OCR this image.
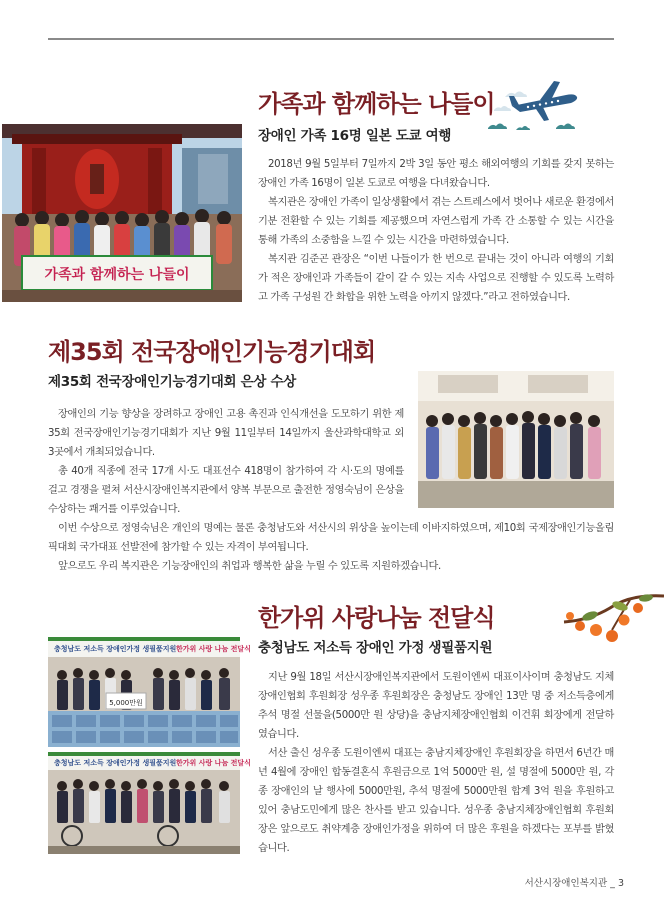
가족과 함께하는 나들이
장애인 가족 16명 일본 도쿄 여행
가족과 함께하는 나들이

2018년 9월 5일부터 7일까지 2박 3일 동안 평소 해외여행의 기회를 갖지 못하는 장애인 가족 16명이 일본 도쿄로 여행을 다녀왔습니다.

복지관은 장애인 가족이 일상생활에서 겪는 스트레스에서 벗어나 새로운 환경에서 기분 전환할 수 있는 기회를 제공했으며 자연스럽게 가족 간 소통할 수 있는 시간을 통해 가족의 소중함을 느낄 수 있는 시간을 마련하였습니다.

복지관 김준곤 관장은 “이번 나들이가 한 번으로 끝내는 것이 아니라 여행의 기회가 적은 장애인과 가족들이 같이 갈 수 있는 지속 사업으로 진행할 수 있도록 노력하고 가족 구성원 간 화합을 위한 노력을 아끼지 않겠다.”라고 전하였습니다.

제35회 전국장애인기능경기대회
제35회 전국장애인기능경기대회 은상 수상

장애인의 기능 향상을 장려하고 장애인 고용 촉진과 인식개선을 도모하기 위한 제35회 전국장애인기능경기대회가 지난 9월 11일부터 14일까지 울산과학대학교 외 3곳에서 개최되었습니다.

총 40개 직종에 전국 17개 시·도 대표선수 418명이 참가하여 각 시·도의 명예를 걸고 경쟁을 펼쳐 서산시장애인복지관에서 양복 부문으로 출전한 정영숙님이 은상을 수상하는 쾌거를 이루었습니다.

이번 수상으로 정영숙님은 개인의 명예는 물론 충청남도와 서산시의 위상을 높이는데 이바지하였으며, 제10회 국제장애인기능올림픽대회 국가대표 선발전에 참가할 수 있는 자격이 부여됩니다.

앞으로도 우리 복지관은 기능장애인의 취업과 행복한 삶을 누릴 수 있도록 지원하겠습니다.

한가위 사랑나눔 전달식
충청남도 저소득 장애인 가정 생필품지원
충청남도 저소득 장애인가정 생필품지원 한가위 사랑 나눔 전달식
5,000만원
충청남도 저소득 장애인가정 생필품지원 한가위 사랑 나눔 전달식

지난 9월 18일 서산시장애인복지관에서 도원이엔씨 대표이사이며 충청남도 지체장애인협회 후원회장 성우종 후원회장은 충청남도 장애인 13만 명 중 저소득층에게 추석 명절 선물을(5000만 원 상당)을 충남지체장애인협회 이건휘 회장에게 전달하였습니다.

서산 출신 성우종 도원이엔씨 대표는 충남지체장애인 후원회장을 하면서 6년간 매년 4월에 장애인 합동결혼식 후원금으로 1억 5000만 원, 설 명절에 5000만 원, 각종 장애인의 날 행사에 5000만원, 추석 명절에 5000만원 합계 3억 원을 후원하고 있어 충남도민에게 많은 찬사를 받고 있습니다. 성우종 충남지체장애인협회 후원회장은 앞으로도 취약계층 장애인가정을 위하여 더 많은 후원을 하겠다는 포부를 밝혔습니다.

서산시장애인복지관 _ 3
